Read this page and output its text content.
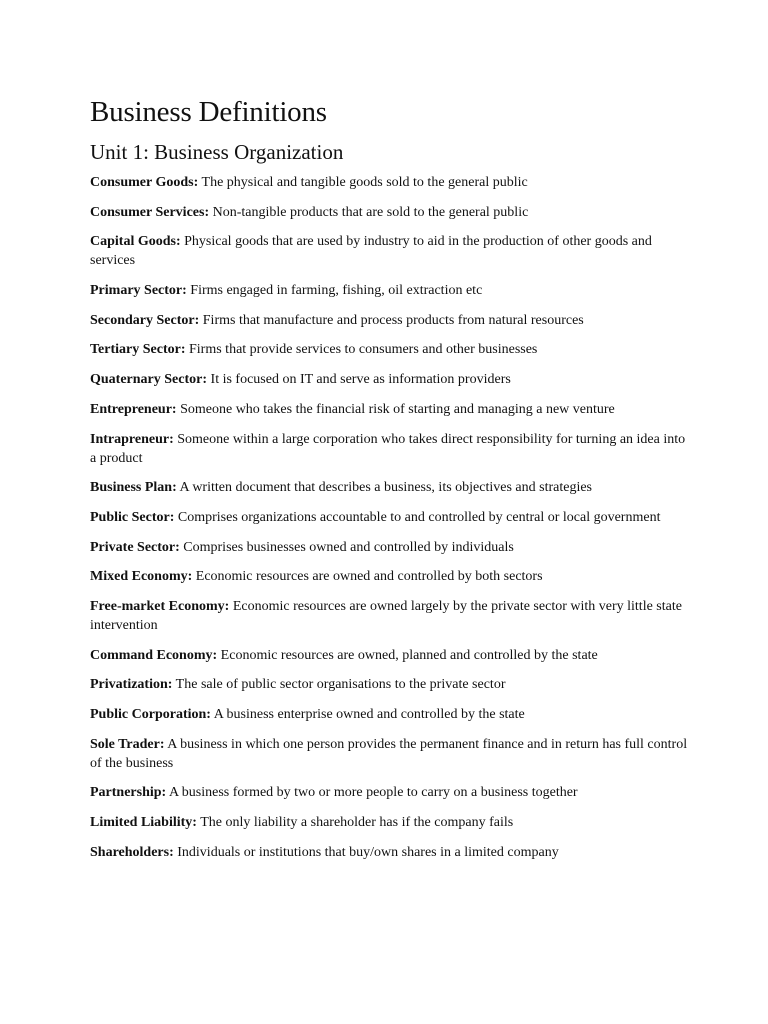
Business Definitions
Unit 1: Business Organization
Consumer Goods: The physical and tangible goods sold to the general public
Consumer Services: Non-tangible products that are sold to the general public
Capital Goods: Physical goods that are used by industry to aid in the production of other goods and services
Primary Sector: Firms engaged in farming, fishing, oil extraction etc
Secondary Sector: Firms that manufacture and process products from natural resources
Tertiary Sector: Firms that provide services to consumers and other businesses
Quaternary Sector: It is focused on IT and serve as information providers
Entrepreneur: Someone who takes the financial risk of starting and managing a new venture
Intrapreneur: Someone within a large corporation who takes direct responsibility for turning an idea into a product
Business Plan: A written document that describes a business, its objectives and strategies
Public Sector: Comprises organizations accountable to and controlled by central or local government
Private Sector: Comprises businesses owned and controlled by individuals
Mixed Economy: Economic resources are owned and controlled by both sectors
Free-market Economy: Economic resources are owned largely by the private sector with very little state intervention
Command Economy: Economic resources are owned, planned and controlled by the state
Privatization: The sale of public sector organisations to the private sector
Public Corporation: A business enterprise owned and controlled by the state
Sole Trader: A business in which one person provides the permanent finance and in return has full control of the business
Partnership: A business formed by two or more people to carry on a business together
Limited Liability: The only liability a shareholder has if the company fails
Shareholders: Individuals or institutions that buy/own shares in a limited company
